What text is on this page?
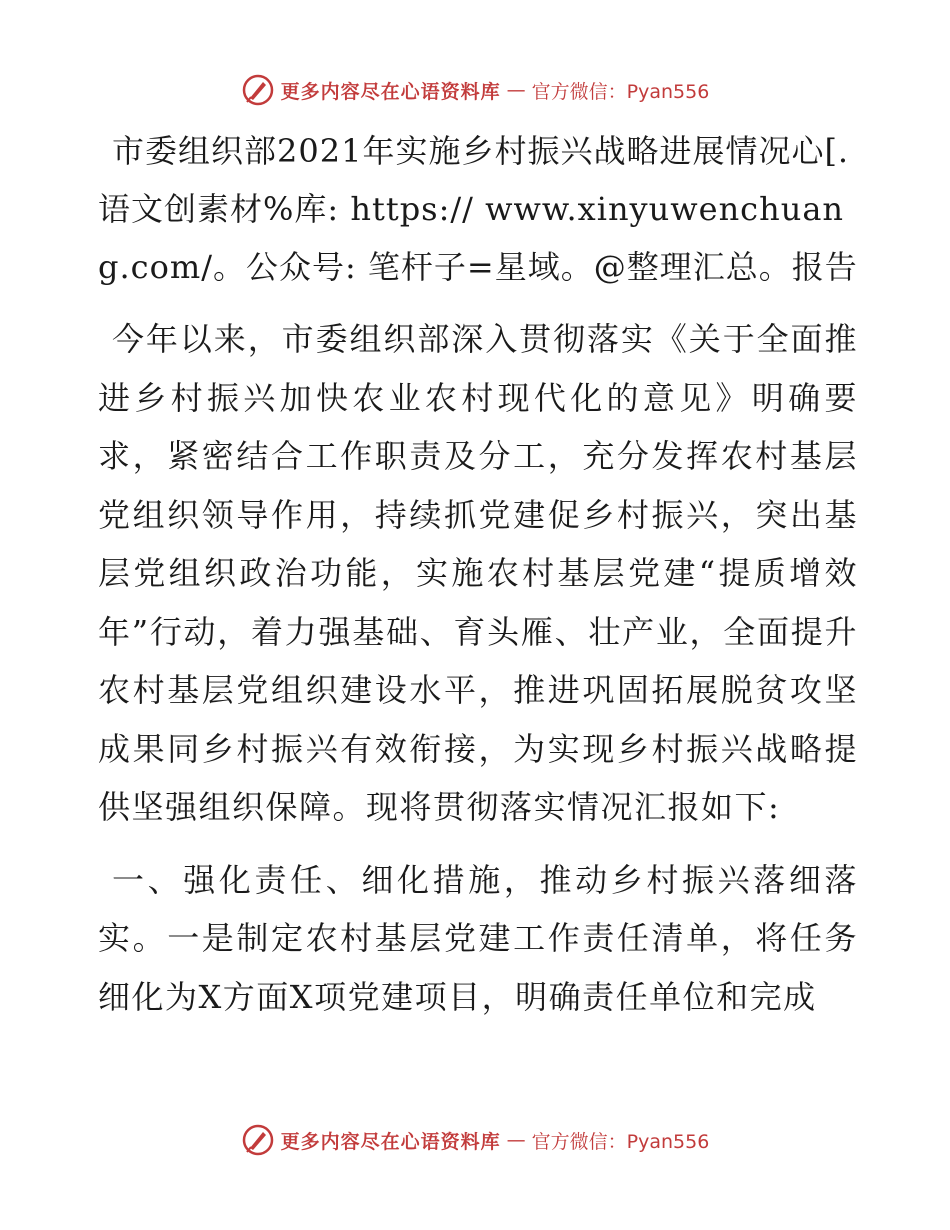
更多内容尽在心语资料库 — 官方微信：Pyan556
市委组织部2021年实施乡村振兴战略进展情况心[.语文创素材%库: https:// www.xinyuwenchuang.com/。公众号: 笔杆子=星域。@整理汇总。报告

今年以来，市委组织部深入贯彻落实《关于全面推进乡村振兴加快农业农村现代化的意见》明确要求，紧密结合工作职责及分工，充分发挥农村基层党组织领导作用，持续抓党建促乡村振兴，突出基层党组织政治功能，实施农村基层党建“提质增效年”行动，着力强基础、育头雁、壮产业，全面提升农村基层党组织建设水平，推进巩固拓展脱贫攻坚成果同乡村振兴有效衔接，为实现乡村振兴战略提供坚强组织保障。现将贯彻落实情况汇报如下:

一、强化责任、细化措施，推动乡村振兴落细落实。一是制定农村基层党建工作责任清单，将任务细化为X方面X项党建项目，明确责任单位和完成

更多内容尽在心语资料库 — 官方微信：Pyan556
